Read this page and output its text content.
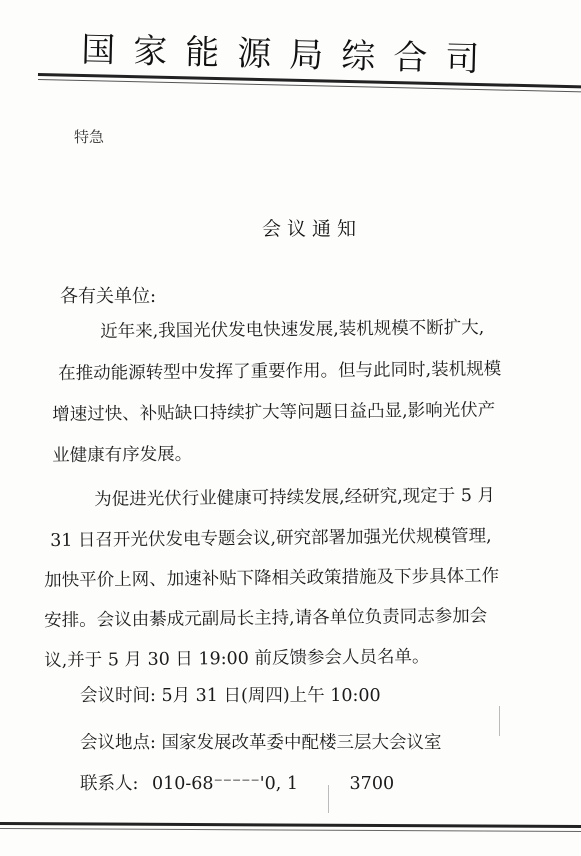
国家能源局综合司
特急
会议通知
各有关单位:
近年来,我国光伏发电快速发展,装机规模不断扩大,
在推动能源转型中发挥了重要作用。但与此同时,装机规模
增速过快、补贴缺口持续扩大等问题日益凸显,影响光伏产
业健康有序发展。
为促进光伏行业健康可持续发展,经研究,现定于 5 月
31 日召开光伏发电专题会议,研究部署加强光伏规模管理,
加快平价上网、加速补贴下降相关政策措施及下步具体工作
安排。会议由綦成元副局长主持,请各单位负责同志参加会
议,并于 5 月 30 日 19:00 前反馈参会人员名单。
会议时间: 5月 31 日(周四)上午 10:00
会议地点: 国家发展改革委中配楼三层大会议室
联系人: 010-68⁻⁻⁻⁻⁻'0, 1	3700
